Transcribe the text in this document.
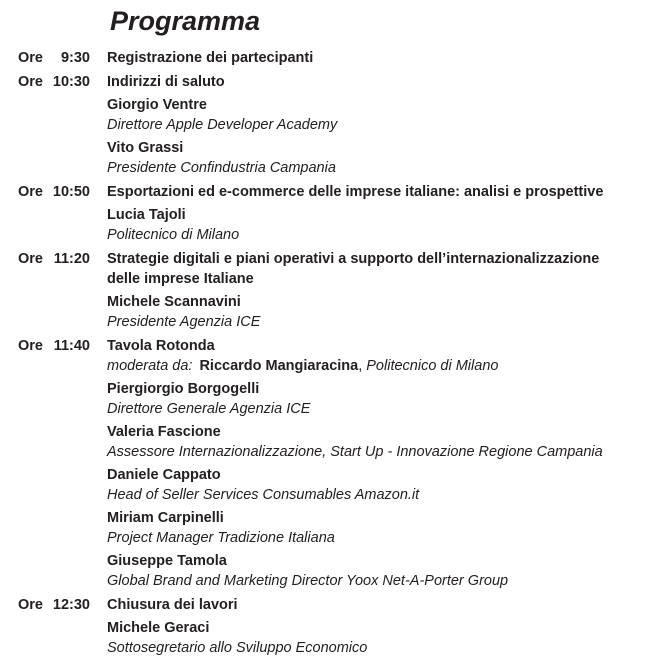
Programma
Ore 9:30 Registrazione dei partecipanti
Ore 10:30 Indirizzi di saluto
Giorgio Ventre
Direttore Apple Developer Academy
Vito Grassi
Presidente Confindustria Campania
Ore 10:50 Esportazioni ed e-commerce delle imprese italiane: analisi e prospettive
Lucia Tajoli
Politecnico di Milano
Ore 11:20 Strategie digitali e piani operativi a supporto dell’internazionalizzazione
delle imprese Italiane
Michele Scannavini
Presidente Agenzia ICE
Ore 11:40 Tavola Rotonda
moderata da: Riccardo Mangiaracina, Politecnico di Milano
Piergiorgio Borgogelli
Direttore Generale Agenzia ICE
Valeria Fascione
Assessore Internazionalizzazione, Start Up - Innovazione Regione Campania
Daniele Cappato
Head of Seller Services Consumables Amazon.it
Miriam Carpinelli
Project Manager Tradizione Italiana
Giuseppe Tamola
Global Brand and Marketing Director Yoox Net-A-Porter Group
Ore 12:30 Chiusura dei lavori
Michele Geraci
Sottosegretario allo Sviluppo Economico
